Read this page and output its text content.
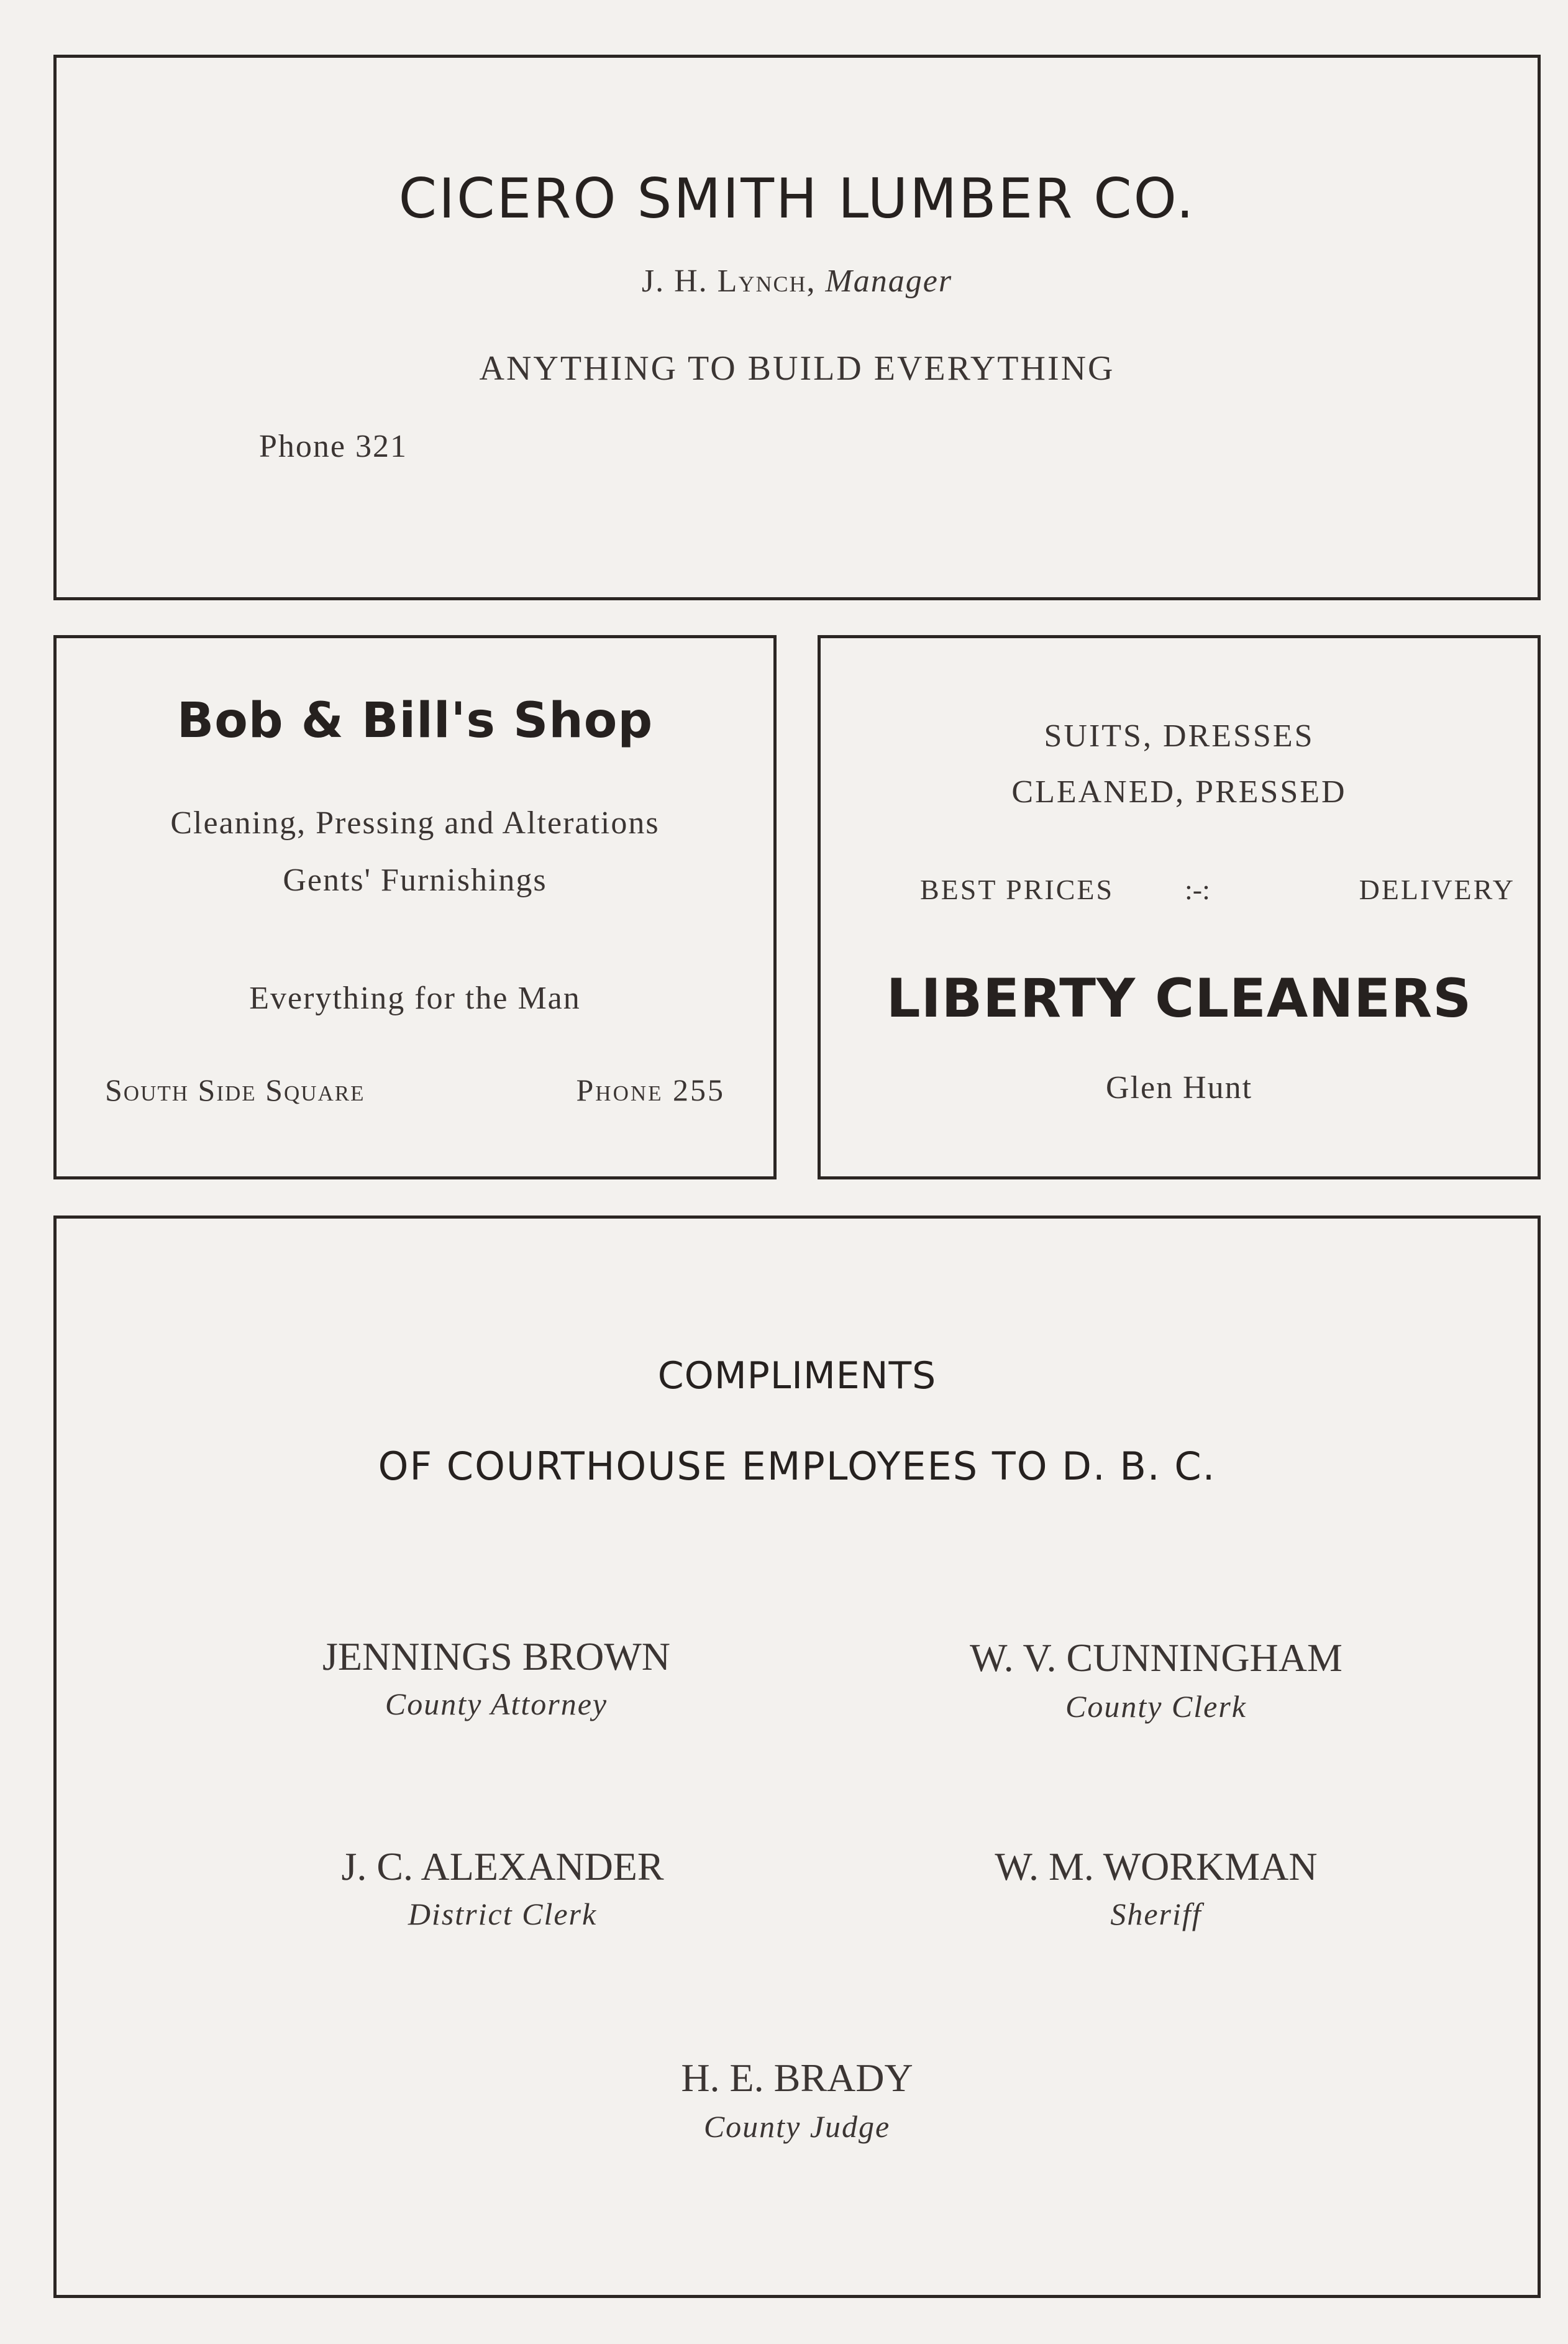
CICERO SMITH LUMBER CO.
J. H. Lynch, Manager
ANYTHING TO BUILD EVERYTHING
Phone 321
Bob & Bill's Shop
Cleaning, Pressing and Alterations
Gents' Furnishings
Everything for the Man
South Side Square	Phone 255
SUITS, DRESSES
CLEANED, PRESSED
BEST PRICES :-:	DELIVERY
LIBERTY CLEANERS
Glen Hunt
COMPLIMENTS
OF COURTHOUSE EMPLOYEES TO D. B. C.
JENNINGS BROWN
County Attorney
W. V. CUNNINGHAM
County Clerk
J. C. ALEXANDER
District Clerk
W. M. WORKMAN
Sheriff
H. E. BRADY
County Judge
